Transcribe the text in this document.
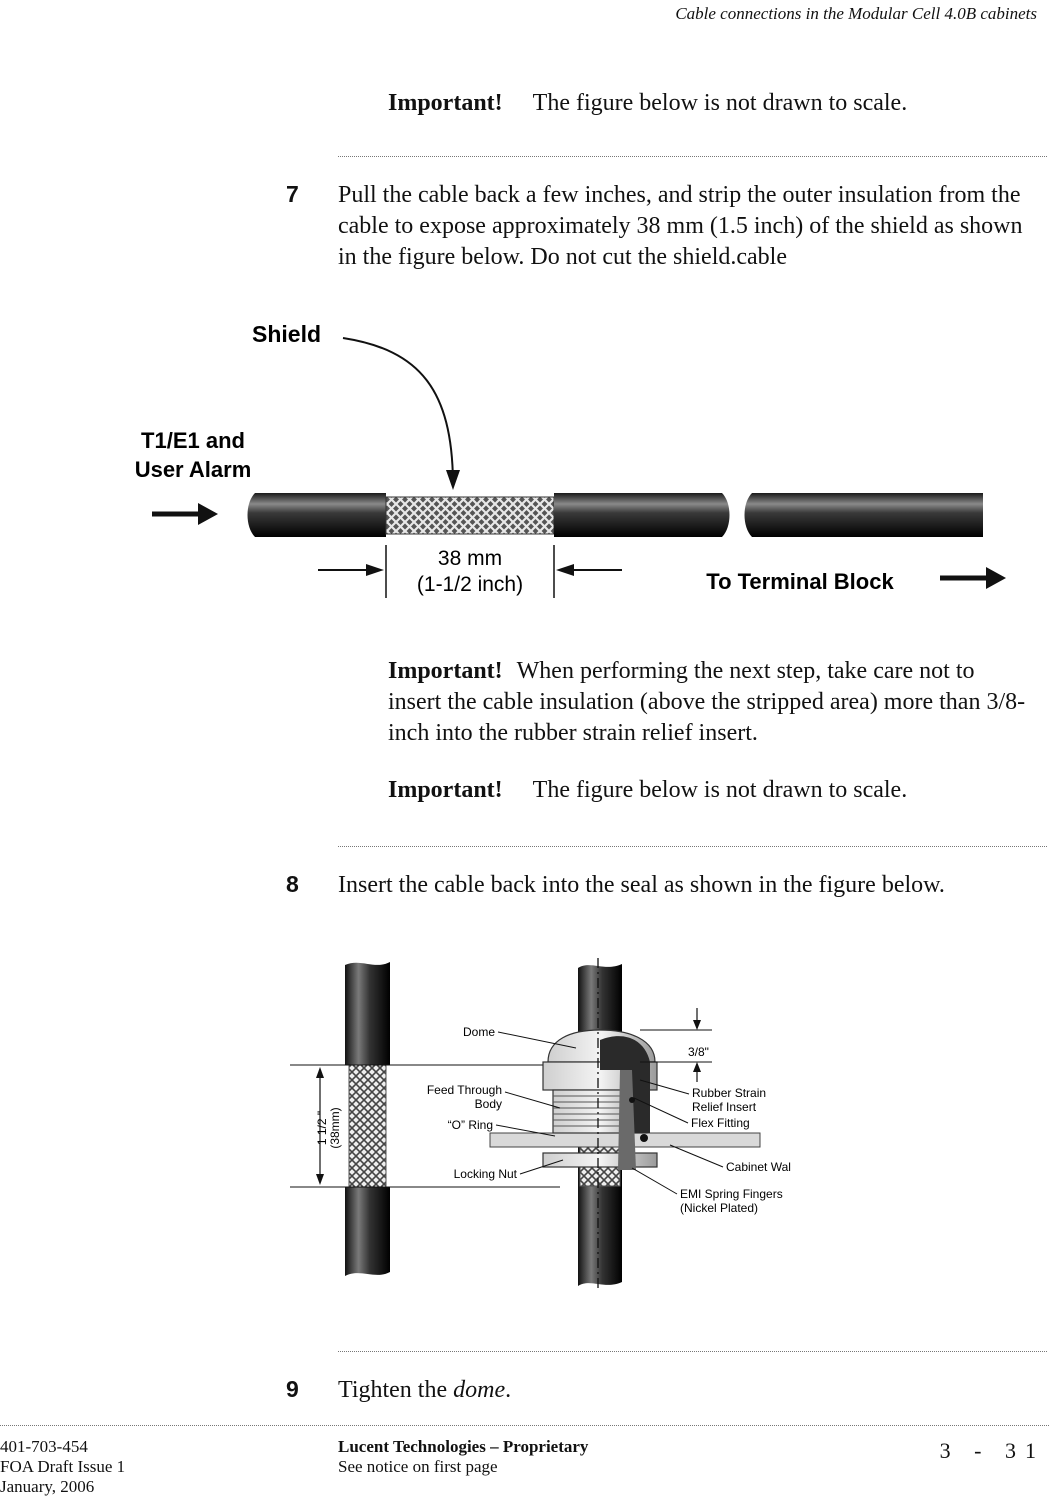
Cable connections in the Modular Cell 4.0B cabinets
Important! The figure below is not drawn to scale.
7	Pull the cable back a few inches, and strip the outer insulation from the cable to expose approximately 38 mm (1.5 inch) of the shield as shown in the figure below. Do not cut the shield.cable
Shield
T1/E1 and
User Alarm
38 mm
(1-1/2 inch)	To Terminal Block
Important! When performing the next step, take care not to insert the cable insulation (above the stripped area) more than 3/8-inch into the rubber strain relief insert.
Important! The figure below is not drawn to scale.
8	Insert the cable back into the seal as shown in the figure below.
1 1/2 " (38mm)
3/8"
Dome
Feed Through
Body
“O” Ring
Locking Nut
Rubber Strain
Relief Insert
Flex Fitting
Cabinet Wal
EMI Spring Fingers
(Nickel Plated)
9	Tighten the dome.
401-703-454
FOA Draft Issue 1
January, 2006
Lucent Technologies – Proprietary
See notice on first page
3 - 31
